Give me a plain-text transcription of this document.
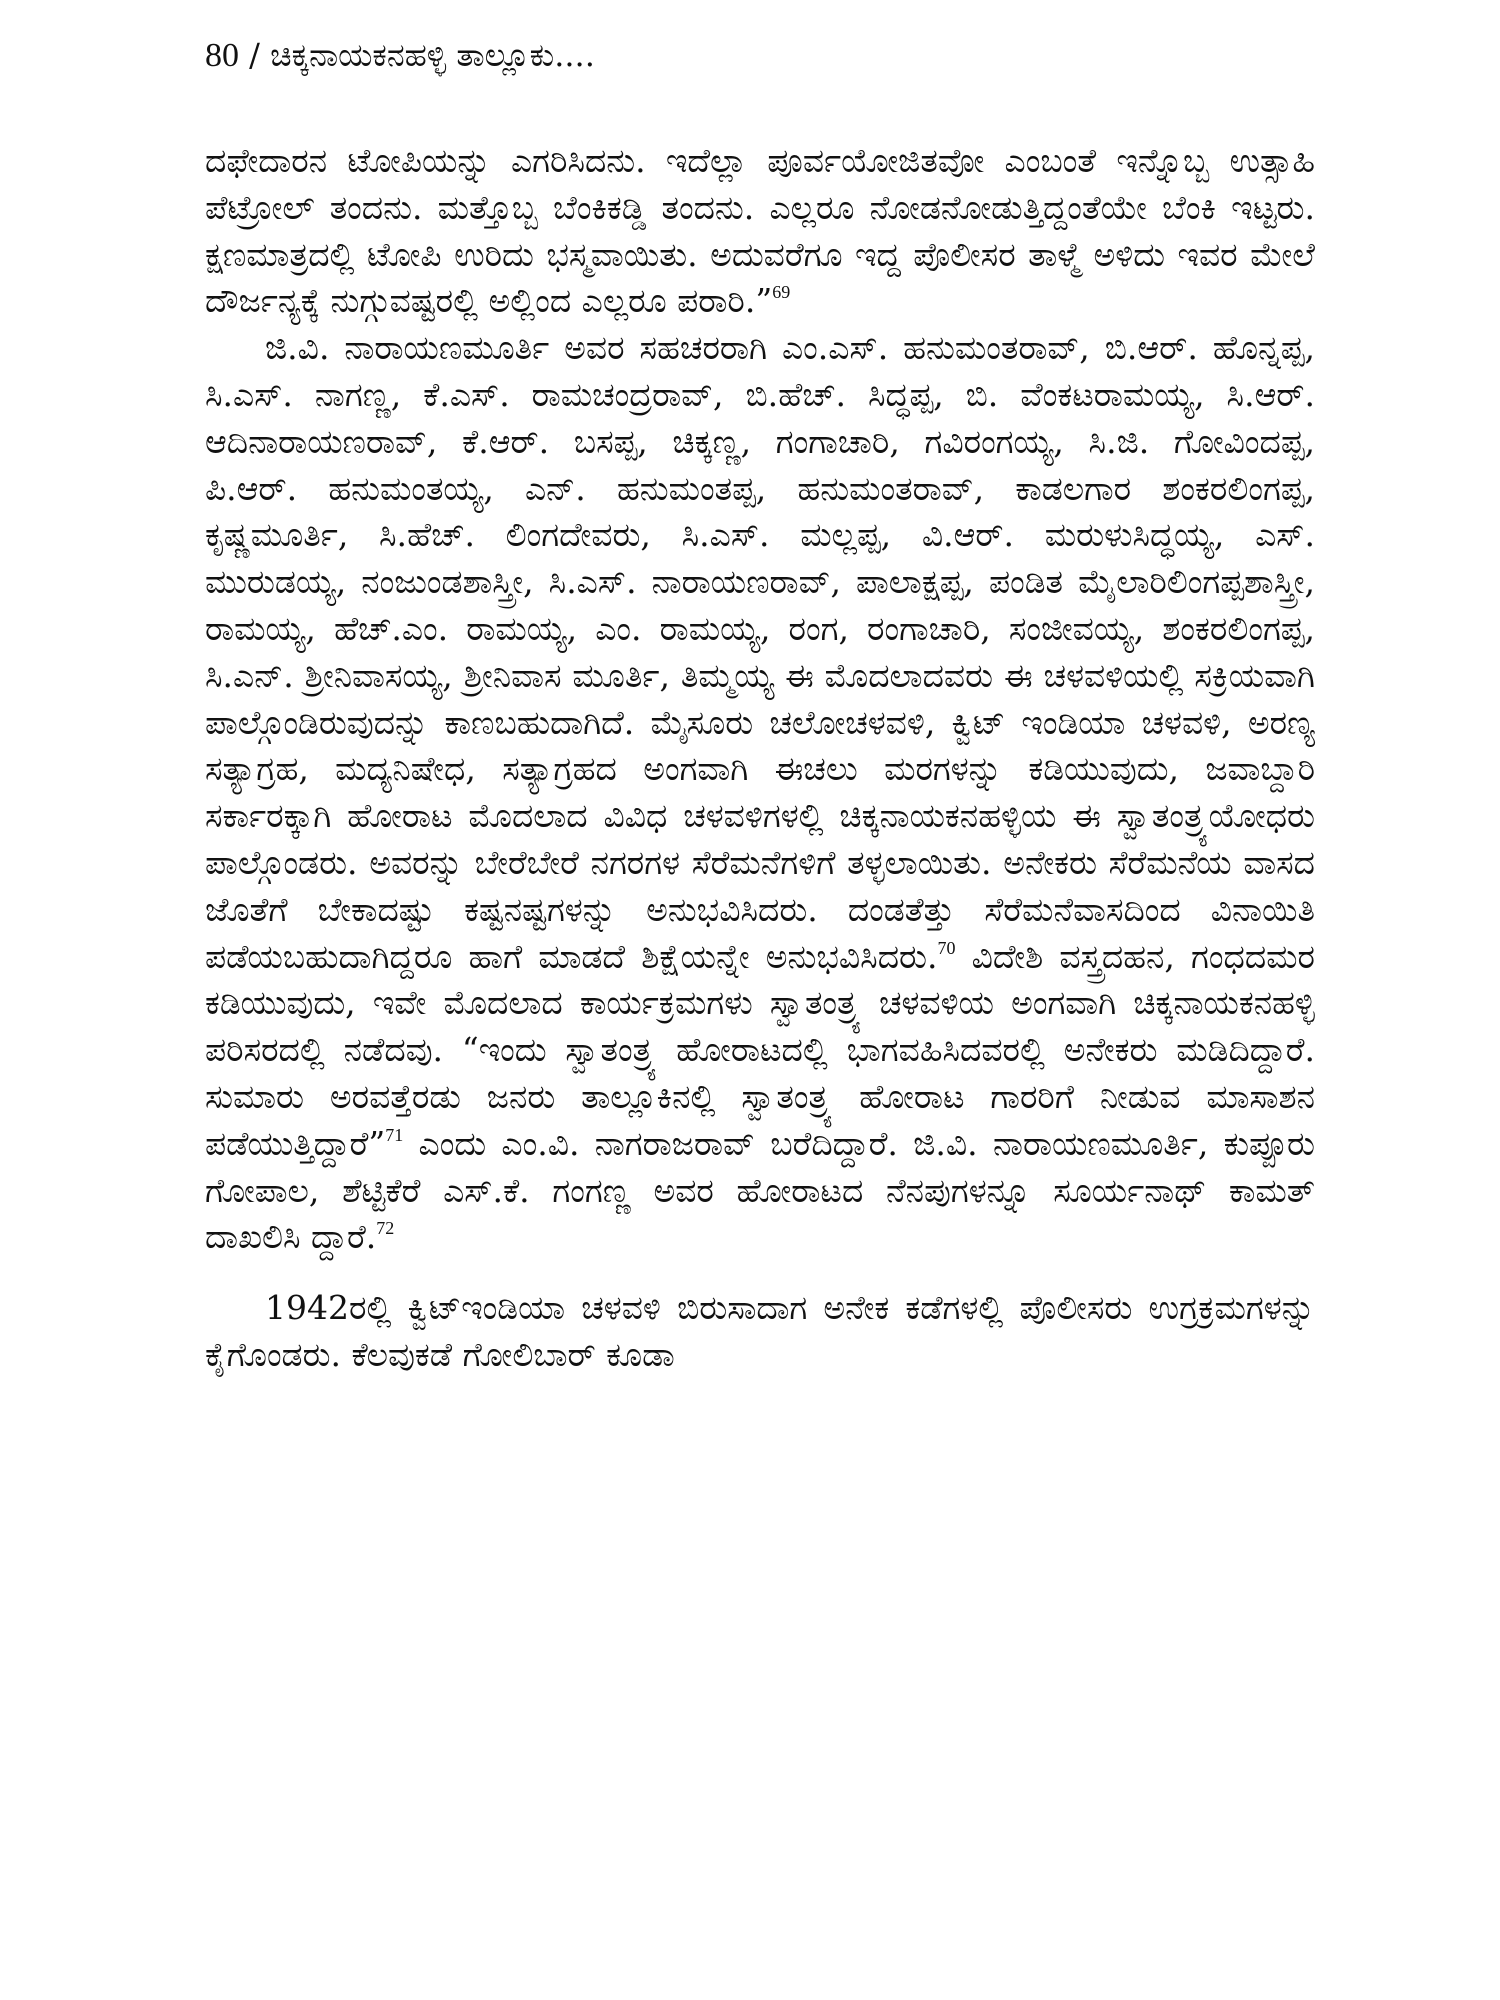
80 / ಚಿಕ್ಕನಾಯಕನಹಳ್ಳಿ ತಾಲ್ಲೂಕು....

ದಫೇದಾರನ ಟೋಪಿಯನ್ನು ಎಗರಿಸಿದನು. ಇದೆಲ್ಲಾ ಪೂರ್ವಯೋಜಿತವೋ ಎಂಬಂತೆ ಇನ್ನೊಬ್ಬ ಉತ್ಸಾಹಿ ಪೆಟ್ರೋಲ್ ತಂದನು. ಮತ್ತೊಬ್ಬ ಬೆಂಕಿಕಡ್ಡಿ ತಂದನು. ಎಲ್ಲರೂ ನೋಡನೋಡುತ್ತಿದ್ದಂತೆಯೇ ಬೆಂಕಿ ಇಟ್ಟರು. ಕ್ಷಣಮಾತ್ರದಲ್ಲಿ ಟೋಪಿ ಉರಿದು ಭಸ್ಮವಾಯಿತು. ಅದುವರೆಗೂ ಇದ್ದ ಪೊಲೀಸರ ತಾಳ್ಮೆ ಅಳಿದು ಇವರ ಮೇಲೆ ದೌರ್ಜನ್ಯಕ್ಕೆ ನುಗ್ಗುವಷ್ಟರಲ್ಲಿ ಅಲ್ಲಿಂದ ಎಲ್ಲರೂ ಪರಾರಿ.”$^{69}$

ಜಿ.ವಿ. ನಾರಾಯಣಮೂರ್ತಿ ಅವರ ಸಹಚರರಾಗಿ ಎಂ.ಎಸ್. ಹನುಮಂತರಾವ್, ಬಿ.ಆರ್. ಹೊನ್ನಪ್ಪ, ಸಿ.ಎಸ್. ನಾಗಣ್ಣ, ಕೆ.ಎಸ್. ರಾಮಚಂದ್ರರಾವ್, ಬಿ.ಹೆಚ್. ಸಿದ್ಧಪ್ಪ, ಬಿ. ವೆಂಕಟರಾಮಯ್ಯ, ಸಿ.ಆರ್. ಆದಿನಾರಾಯಣರಾವ್, ಕೆ.ಆರ್. ಬಸಪ್ಪ, ಚಿಕ್ಕಣ್ಣ, ಗಂಗಾಚಾರಿ, ಗವಿರಂಗಯ್ಯ, ಸಿ.ಜಿ. ಗೋವಿಂದಪ್ಪ, ಪಿ.ಆರ್. ಹನುಮಂತಯ್ಯ, ಎನ್. ಹನುಮಂತಪ್ಪ, ಹನುಮಂತರಾವ್, ಕಾಡಲಗಾರ ಶಂಕರಲಿಂಗಪ್ಪ, ಕೃಷ್ಣಮೂರ್ತಿ, ಸಿ.ಹೆಚ್. ಲಿಂಗದೇವರು, ಸಿ.ಎಸ್. ಮಲ್ಲಪ್ಪ, ವಿ.ಆರ್. ಮರುಳುಸಿದ್ಧಯ್ಯ, ಎಸ್. ಮುರುಡಯ್ಯ, ನಂಜುಂಡಶಾಸ್ತ್ರೀ, ಸಿ.ಎಸ್. ನಾರಾಯಣರಾವ್, ಪಾಲಾಕ್ಷಪ್ಪ, ಪಂಡಿತ ಮೈಲಾರಿಲಿಂಗಪ್ಪಶಾಸ್ತ್ರೀ, ರಾಮಯ್ಯ, ಹೆಚ್.ಎಂ. ರಾಮಯ್ಯ, ಎಂ. ರಾಮಯ್ಯ, ರಂಗ, ರಂಗಾಚಾರಿ, ಸಂಜೀವಯ್ಯ, ಶಂಕರಲಿಂಗಪ್ಪ, ಸಿ.ಎನ್. ಶ್ರೀನಿವಾಸಯ್ಯ, ಶ್ರೀನಿವಾಸ ಮೂರ್ತಿ, ತಿಮ್ಮಯ್ಯ ಈ ಮೊದಲಾದವರು ಈ ಚಳವಳಿಯಲ್ಲಿ ಸಕ್ರಿಯವಾಗಿ ಪಾಲ್ಗೊಂಡಿರುವುದನ್ನು ಕಾಣಬಹುದಾಗಿದೆ. ಮೈಸೂರು ಚಲೋಚಳವಳಿ, ಕ್ವಿಟ್ ಇಂಡಿಯಾ ಚಳವಳಿ, ಅರಣ್ಯ ಸತ್ಯಾಗ್ರಹ, ಮದ್ಯನಿಷೇಧ, ಸತ್ಯಾಗ್ರಹದ ಅಂಗವಾಗಿ ಈಚಲು ಮರಗಳನ್ನು ಕಡಿಯುವುದು, ಜವಾಬ್ದಾರಿ ಸರ್ಕಾರಕ್ಕಾಗಿ ಹೋರಾಟ ಮೊದಲಾದ ವಿವಿಧ ಚಳವಳಿಗಳಲ್ಲಿ ಚಿಕ್ಕನಾಯಕನಹಳ್ಳಿಯ ಈ ಸ್ವಾತಂತ್ರ್ಯಯೋಧರು ಪಾಲ್ಗೊಂಡರು. ಅವರನ್ನು ಬೇರೆಬೇರೆ ನಗರಗಳ ಸೆರೆಮನೆಗಳಿಗೆ ತಳ್ಳಲಾಯಿತು. ಅನೇಕರು ಸೆರೆಮನೆಯ ವಾಸದ ಜೊತೆಗೆ ಬೇಕಾದಷ್ಟು ಕಷ್ಟನಷ್ಟಗಳನ್ನು ಅನುಭವಿಸಿದರು. ದಂಡತೆತ್ತು ಸೆರೆಮನೆವಾಸದಿಂದ ವಿನಾಯಿತಿ ಪಡೆಯಬಹುದಾಗಿದ್ದರೂ ಹಾಗೆ ಮಾಡದೆ ಶಿಕ್ಷೆಯನ್ನೇ ಅನುಭವಿಸಿದರು.$^{70}$ ವಿದೇಶಿ ವಸ್ತ್ರದಹನ, ಗಂಧದಮರ ಕಡಿಯುವುದು, ಇವೇ ಮೊದಲಾದ ಕಾರ್ಯಕ್ರಮಗಳು ಸ್ವಾತಂತ್ರ್ಯ ಚಳವಳಿಯ ಅಂಗವಾಗಿ ಚಿಕ್ಕನಾಯಕನಹಳ್ಳಿ ಪರಿಸರದಲ್ಲಿ ನಡೆದವು. “ಇಂದು ಸ್ವಾತಂತ್ರ್ಯ ಹೋರಾಟದಲ್ಲಿ ಭಾಗವಹಿಸಿದವರಲ್ಲಿ ಅನೇಕರು ಮಡಿದಿದ್ದಾರೆ. ಸುಮಾರು ಅರವತ್ತೆರಡು ಜನರು ತಾಲ್ಲೂಕಿನಲ್ಲಿ ಸ್ವಾತಂತ್ರ್ಯ ಹೋರಾಟ ಗಾರರಿಗೆ ನೀಡುವ ಮಾಸಾಶನ ಪಡೆಯುತ್ತಿದ್ದಾರೆ”$^{71}$ ಎಂದು ಎಂ.ವಿ. ನಾಗರಾಜರಾವ್ ಬರೆದಿದ್ದಾರೆ. ಜಿ.ವಿ. ನಾರಾಯಣಮೂರ್ತಿ, ಕುಪ್ಪೂರು ಗೋಪಾಲ, ಶೆಟ್ಟಿಕೆರೆ ಎಸ್.ಕೆ. ಗಂಗಣ್ಣ ಅವರ ಹೋರಾಟದ ನೆನಪುಗಳನ್ನೂ ಸೂರ್ಯನಾಥ್ ಕಾಮತ್ ದಾಖಲಿಸಿ ದ್ದಾರೆ.$^{72}$

1942ರಲ್ಲಿ ಕ್ವಿಟ್‌ಇಂಡಿಯಾ ಚಳವಳಿ ಬಿರುಸಾದಾಗ ಅನೇಕ ಕಡೆಗಳಲ್ಲಿ ಪೊಲೀಸರು ಉಗ್ರಕ್ರಮಗಳನ್ನು ಕೈಗೊಂಡರು. ಕೆಲವುಕಡೆ ಗೋಲಿಬಾರ್ ಕೂಡಾ
